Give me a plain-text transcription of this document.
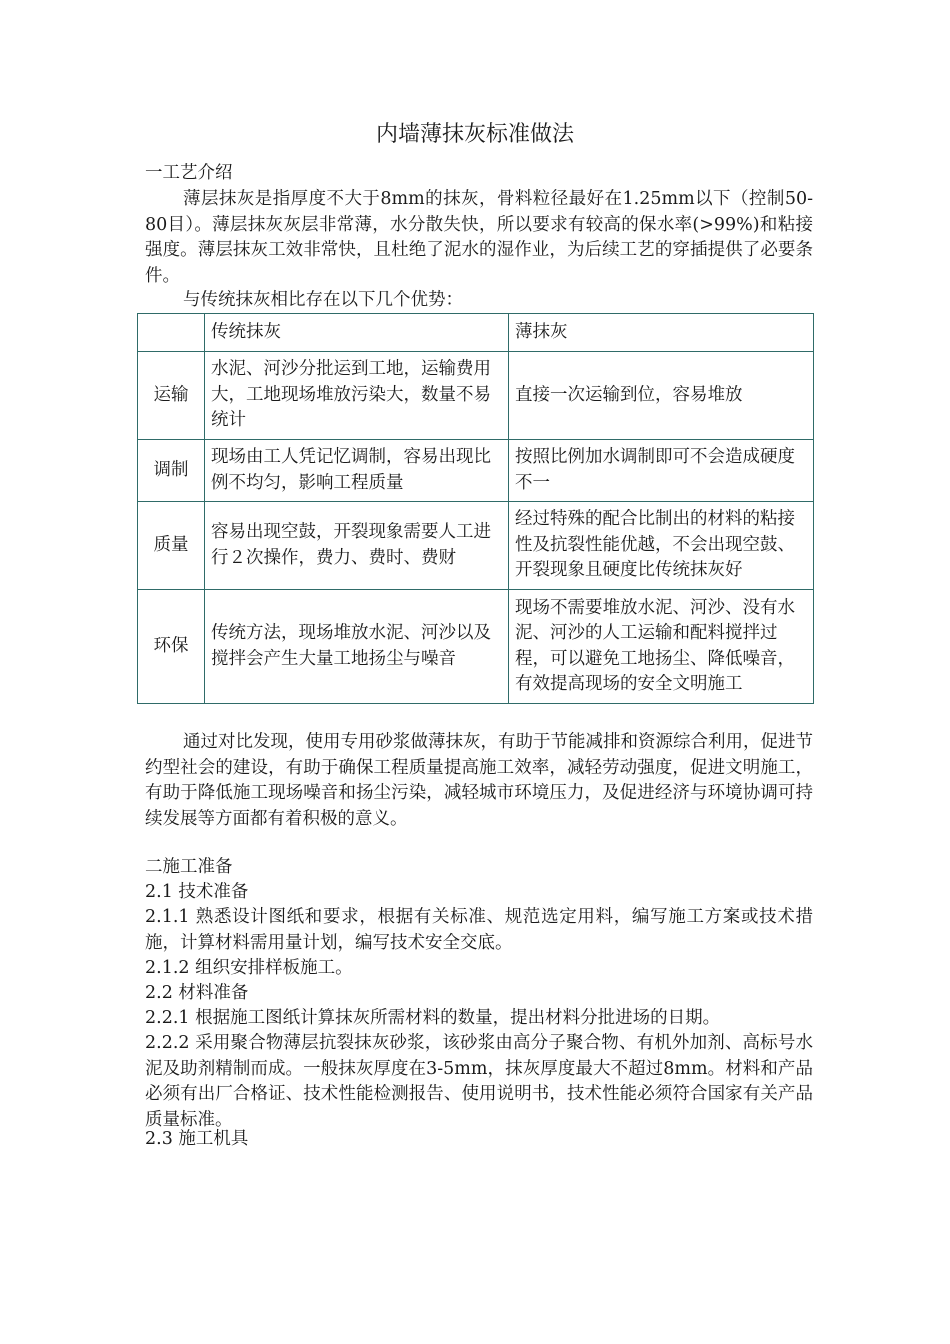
内墙薄抹灰标准做法
一工艺介绍
薄层抹灰是指厚度不大于8mm的抹灰，骨料粒径最好在1.25mm以下（控制50-80目）。薄层抹灰灰层非常薄，水分散失快，所以要求有较高的保水率(>99%)和粘接强度。薄层抹灰工效非常快，且杜绝了泥水的湿作业，为后续工艺的穿插提供了必要条件。
与传统抹灰相比存在以下几个优势：
	传统抹灰	薄抹灰
运输	水泥、河沙分批运到工地，运输费用大，工地现场堆放污染大，数量不易统计	直接一次运输到位，容易堆放
调制	现场由工人凭记忆调制，容易出现比例不均匀，影响工程质量	按照比例加水调制即可不会造成硬度不一
质量	容易出现空鼓，开裂现象需要人工进行２次操作，费力、费时、费财	经过特殊的配合比制出的材料的粘接性及抗裂性能优越，不会出现空鼓、开裂现象且硬度比传统抹灰好
环保	传统方法，现场堆放水泥、河沙以及搅拌会产生大量工地扬尘与噪音	现场不需要堆放水泥、河沙、没有水泥、河沙的人工运输和配料搅拌过程，可以避免工地扬尘、降低噪音，有效提高现场的安全文明施工
通过对比发现，使用专用砂浆做薄抹灰，有助于节能减排和资源综合利用，促进节约型社会的建设，有助于确保工程质量提高施工效率，减轻劳动强度，促进文明施工，有助于降低施工现场噪音和扬尘污染，减轻城市环境压力，及促进经济与环境协调可持续发展等方面都有着积极的意义。
二施工准备
2.1 技术准备
2.1.1 熟悉设计图纸和要求，根据有关标准、规范选定用料，编写施工方案或技术措施，计算材料需用量计划，编写技术安全交底。
2.1.2 组织安排样板施工。
2.2 材料准备
2.2.1 根据施工图纸计算抹灰所需材料的数量，提出材料分批进场的日期。
2.2.2 采用聚合物薄层抗裂抹灰砂浆，该砂浆由高分子聚合物、有机外加剂、高标号水泥及助剂精制而成。一般抹灰厚度在3-5mm，抹灰厚度最大不超过8mm。材料和产品必须有出厂合格证、技术性能检测报告、使用说明书，技术性能必须符合国家有关产品质量标准。
2.3 施工机具
